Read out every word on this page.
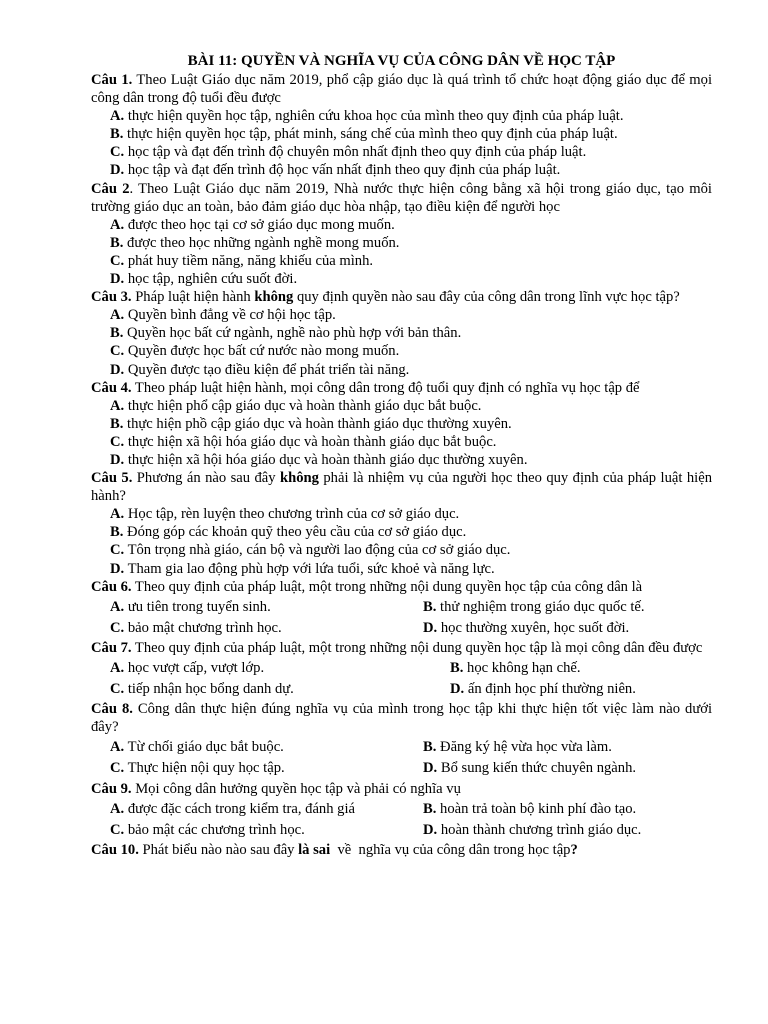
BÀI 11: QUYỀN VÀ NGHĨA VỤ CỦA CÔNG DÂN VỀ HỌC TẬP

Câu 1. Theo Luật Giáo dục năm 2019, phổ cập giáo dục là quá trình tổ chức hoạt động giáo dục để mọi công dân trong độ tuổi đều được

A. thực hiện quyền học tập, nghiên cứu khoa học của mình theo quy định của pháp luật.

B. thực hiện quyền học tập, phát minh, sáng chế của mình theo quy định của pháp luật.

C. học tập và đạt đến trình độ chuyên môn nhất định theo quy định của pháp luật.

D. học tập và đạt đến trình độ học vấn nhất định theo quy định của pháp luật.

Câu 2. Theo Luật Giáo dục năm 2019, Nhà nước thực hiện công bằng xã hội trong giáo dục, tạo môi trường giáo dục an toàn, bảo đảm giáo dục hòa nhập, tạo điều kiện để người học

A. được theo học tại cơ sở giáo dục mong muốn.

B. được theo học những ngành nghề mong muốn.

C. phát huy tiềm năng, năng khiếu của mình.

D. học tập, nghiên cứu suốt đời.

Câu 3. Pháp luật hiện hành không quy định quyền nào sau đây của công dân trong lĩnh vực học tập?

A. Quyền bình đẳng về cơ hội học tập.

B. Quyền học bất cứ ngành, nghề nào phù hợp với bản thân.

C. Quyền được học bất cứ nước nào mong muốn.

D. Quyền được tạo điều kiện để phát triển tài năng.

Câu 4. Theo pháp luật hiện hành, mọi công dân trong độ tuổi quy định có nghĩa vụ học tập để

A. thực hiện phổ cập giáo dục và hoàn thành giáo dục bắt buộc.

B. thực hiện phồ cập giáo dục và hoàn thành giáo dục thường xuyên.

C. thực hiện xã hội hóa giáo dục và hoàn thành giáo dục bắt buộc.

D. thực hiện xã hội hóa giáo dục và hoàn thành giáo dục thường xuyên.

Câu 5. Phương án nào sau đây không phải là nhiệm vụ của người học theo quy định của pháp luật hiện hành?

A. Học tập, rèn luyện theo chương trình của cơ sở giáo dục.

B. Đóng góp các khoản quỹ theo yêu cầu của cơ sở giáo dục.

C. Tôn trọng nhà giáo, cán bộ và người lao động của cơ sở giáo dục.

D. Tham gia lao động phù hợp với lứa tuổi, sức khoẻ và năng lực.

Câu 6. Theo quy định của pháp luật, một trong những nội dung quyền học tập của công dân là

A. ưu tiên trong tuyển sinh.	B. thử nghiệm trong giáo dục quốc tế.
C. bảo mật chương trình học.	D. học thường xuyên, học suốt đời.

Câu 7. Theo quy định của pháp luật, một trong những nội dung quyền học tập là mọi công dân đều được

A. học vượt cấp, vượt lớp.	B. học không hạn chế.
C. tiếp nhận học bổng danh dự.	D. ấn định học phí thường niên.

Câu 8. Công dân thực hiện đúng nghĩa vụ của mình trong học tập khi thực hiện tốt việc làm nào dưới đây?

A. Từ chối giáo dục bắt buộc.	B. Đăng ký hệ vừa học vừa làm.
C. Thực hiện nội quy học tập.	D. Bổ sung kiến thức chuyên ngành.

Câu 9. Mọi công dân hưởng quyền học tập và phải có nghĩa vụ

A. được đặc cách trong kiểm tra, đánh giá	B. hoàn trả toàn bộ kinh phí đào tạo.
C. bảo mật các chương trình học.	D. hoàn thành chương trình giáo dục.

Câu 10. Phát biểu nào nào sau đây là sai  về  nghĩa vụ của công dân trong học tập?
